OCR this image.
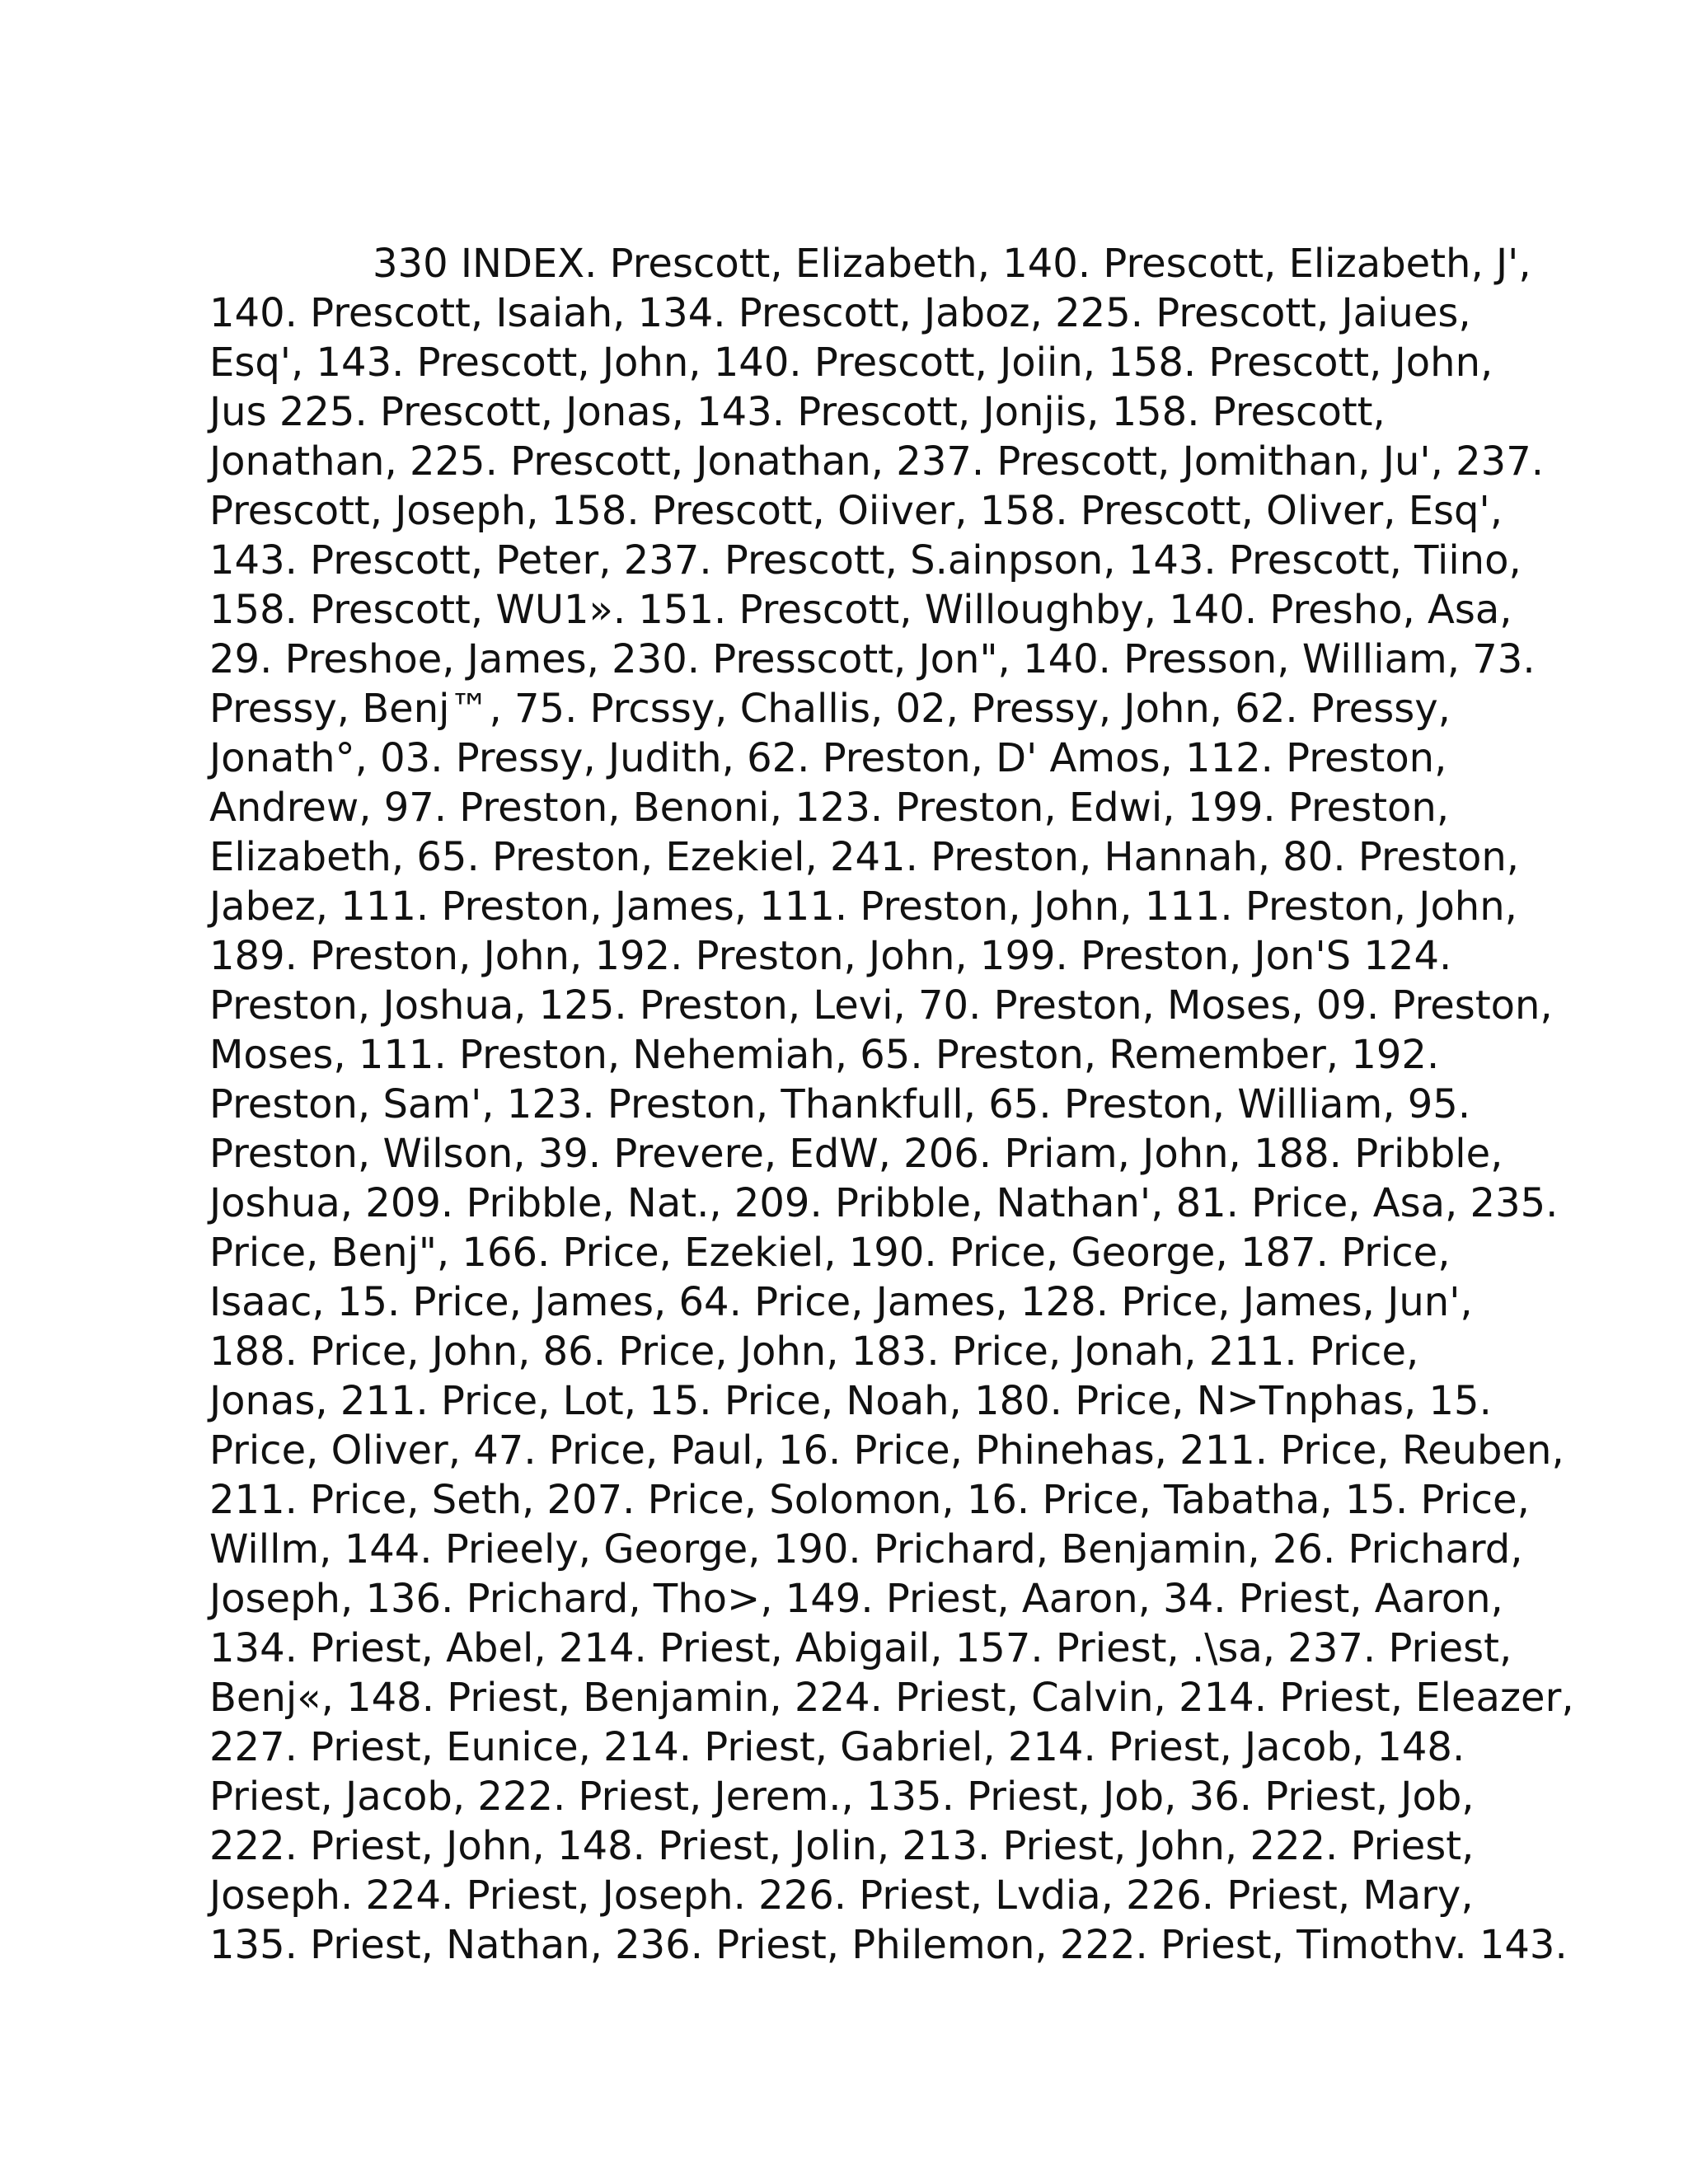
330 INDEX. Prescott, Elizabeth, 140. Prescott, Elizabeth, J',
140. Prescott, Isaiah, 134. Prescott, Jaboz, 225. Prescott, Jaiues,
Esq', 143. Prescott, John, 140. Prescott, Joiin, 158. Prescott, John,
Jus 225. Prescott, Jonas, 143. Prescott, Jonjis, 158. Prescott,
Jonathan, 225. Prescott, Jonathan, 237. Prescott, Jomithan, Ju', 237.
Prescott, Joseph, 158. Prescott, Oiiver, 158. Prescott, Oliver, Esq',
143. Prescott, Peter, 237. Prescott, S.ainpson, 143. Prescott, Tiino,
158. Prescott, WU1». 151. Prescott, Willoughby, 140. Presho, Asa,
29. Preshoe, James, 230. Presscott, Jon", 140. Presson, William, 73.
Pressy, Benj™, 75. Prcssy, Challis, 02, Pressy, John, 62. Pressy,
Jonath°, 03. Pressy, Judith, 62. Preston, D' Amos, 112. Preston,
Andrew, 97. Preston, Benoni, 123. Preston, Edwi, 199. Preston,
Elizabeth, 65. Preston, Ezekiel, 241. Preston, Hannah, 80. Preston,
Jabez, 111. Preston, James, 111. Preston, John, 111. Preston, John,
189. Preston, John, 192. Preston, John, 199. Preston, Jon'S 124.
Preston, Joshua, 125. Preston, Levi, 70. Preston, Moses, 09. Preston,
Moses, 111. Preston, Nehemiah, 65. Preston, Remember, 192.
Preston, Sam', 123. Preston, Thankfull, 65. Preston, William, 95.
Preston, Wilson, 39. Prevere, EdW, 206. Priam, John, 188. Pribble,
Joshua, 209. Pribble, Nat., 209. Pribble, Nathan', 81. Price, Asa, 235.
Price, Benj", 166. Price, Ezekiel, 190. Price, George, 187. Price,
Isaac, 15. Price, James, 64. Price, James, 128. Price, James, Jun',
188. Price, John, 86. Price, John, 183. Price, Jonah, 211. Price,
Jonas, 211. Price, Lot, 15. Price, Noah, 180. Price, N>Tnphas, 15.
Price, Oliver, 47. Price, Paul, 16. Price, Phinehas, 211. Price, Reuben,
211. Price, Seth, 207. Price, Solomon, 16. Price, Tabatha, 15. Price,
Willm, 144. Prieely, George, 190. Prichard, Benjamin, 26. Prichard,
Joseph, 136. Prichard, Tho>, 149. Priest, Aaron, 34. Priest, Aaron,
134. Priest, Abel, 214. Priest, Abigail, 157. Priest, .\sa, 237. Priest,
Benj«, 148. Priest, Benjamin, 224. Priest, Calvin, 214. Priest, Eleazer,
227. Priest, Eunice, 214. Priest, Gabriel, 214. Priest, Jacob, 148.
Priest, Jacob, 222. Priest, Jerem., 135. Priest, Job, 36. Priest, Job,
222. Priest, John, 148. Priest, Jolin, 213. Priest, John, 222. Priest,
Joseph. 224. Priest, Joseph. 226. Priest, Lvdia, 226. Priest, Mary,
135. Priest, Nathan, 236. Priest, Philemon, 222. Priest, Timothv. 143.
